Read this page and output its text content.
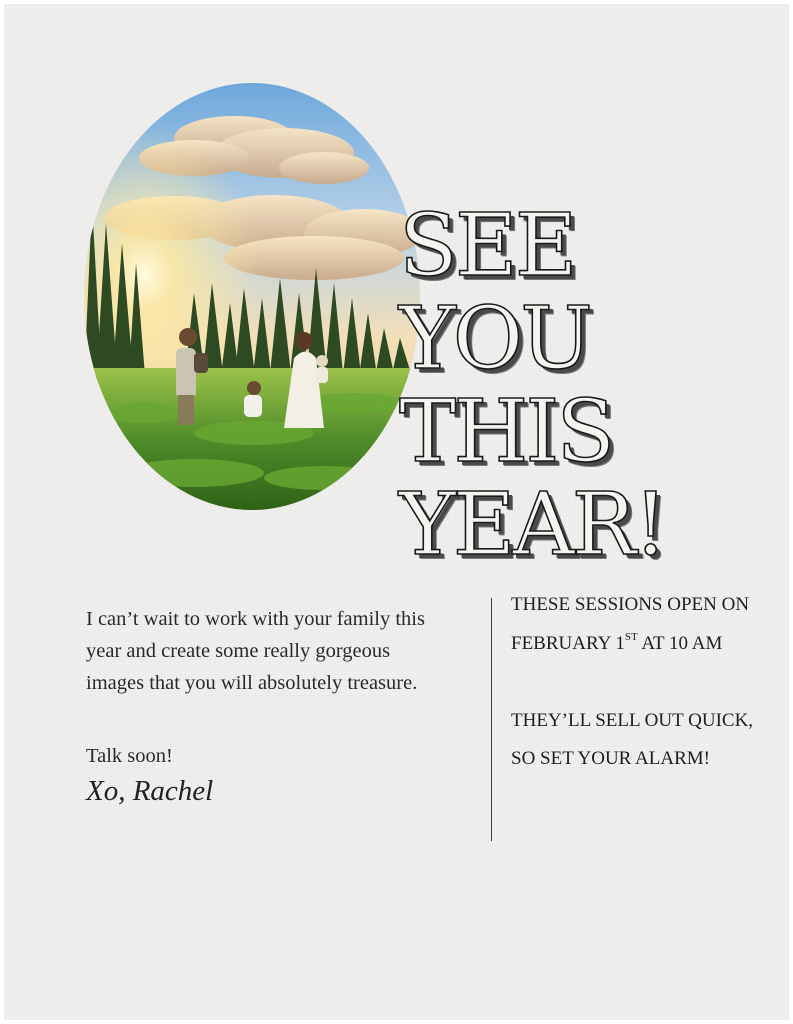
SEE
YOU
THIS
YEAR!

I can’t wait to work with your family this year and create some really gorgeous images that you will absolutely treasure.

Talk soon!

Xo, Rachel

THESE SESSIONS OPEN ON FEBRUARY 1ST AT 10 AM

THEY’LL SELL OUT QUICK, SO SET YOUR ALARM!
